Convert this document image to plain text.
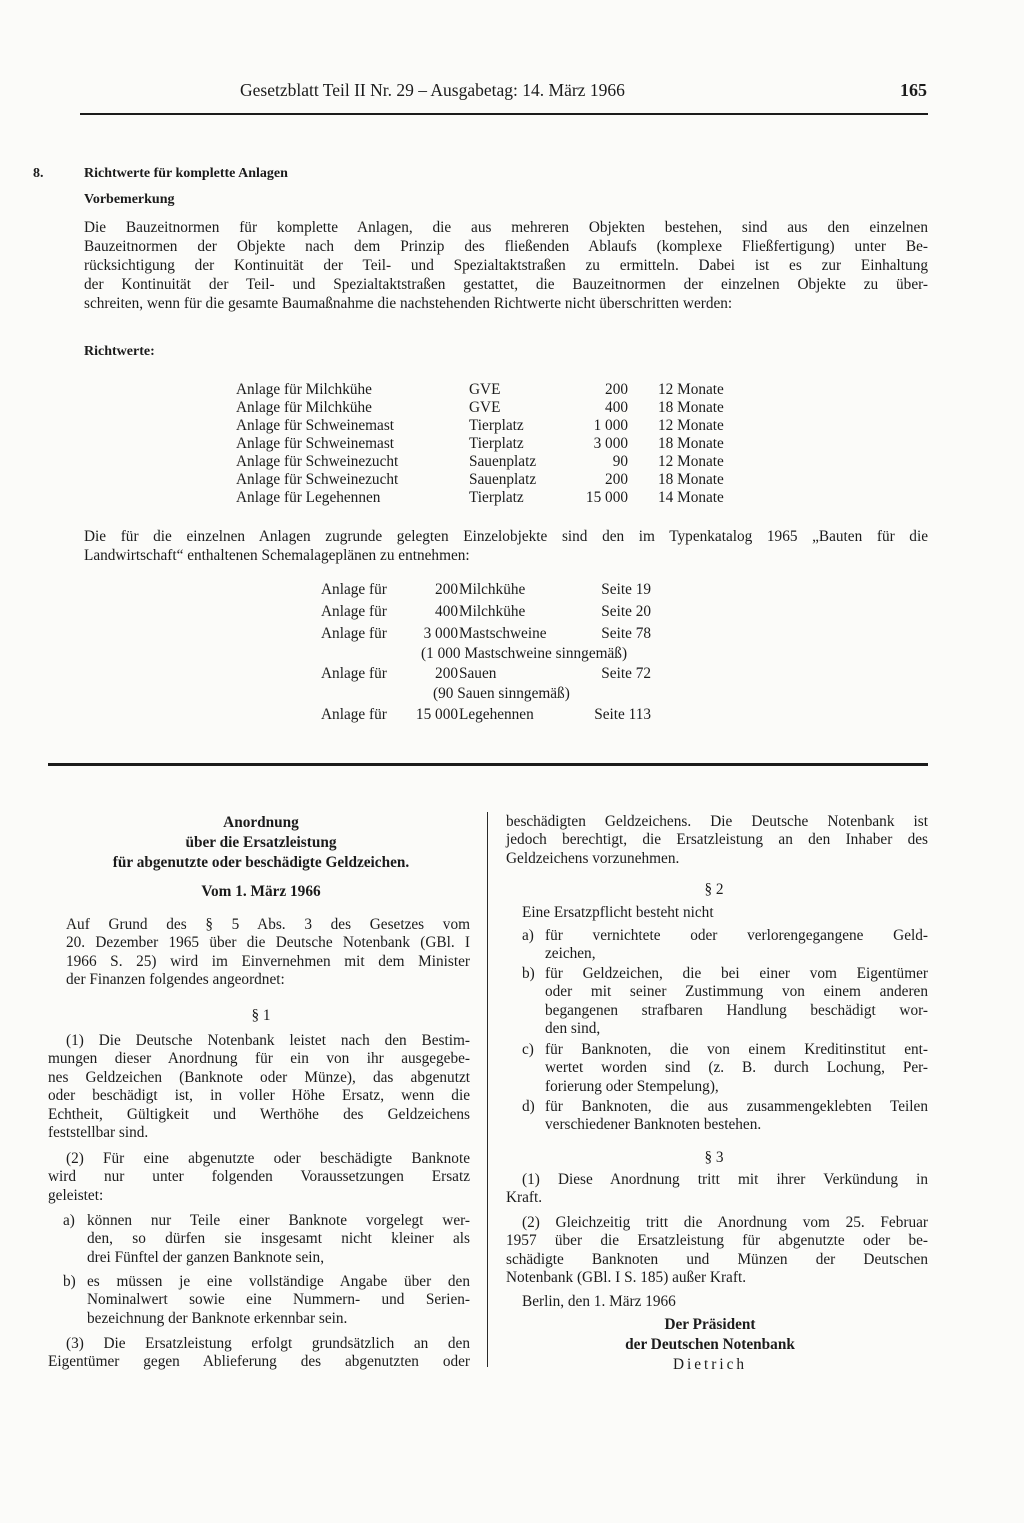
Gesetzblatt Teil II Nr. 29 – Ausgabetag: 14. März 1966	165
8.	Richtwerte für komplette Anlagen
Vorbemerkung
Die Bauzeitnormen für komplette Anlagen, die aus mehreren Objekten bestehen, sind aus den einzelnen
Bauzeitnormen der Objekte nach dem Prinzip des fließenden Ablaufs (komplexe Fließfertigung) unter Be-
rücksichtigung der Kontinuität der Teil- und Spezialtaktstraßen zu ermitteln. Dabei ist es zur Einhaltung
der Kontinuität der Teil- und Spezialtaktstraßen gestattet, die Bauzeitnormen der einzelnen Objekte zu über-
schreiten, wenn für die gesamte Baumaßnahme die nachstehenden Richtwerte nicht überschritten werden:
Richtwerte:
Anlage für Milchkühe	GVE	200 12 Monate
Anlage für Milchkühe	GVE	400 18 Monate
Anlage für Schweinemast	Tierplatz	1 000 12 Monate
Anlage für Schweinemast	Tierplatz	3 000 18 Monate
Anlage für Schweinezucht	Sauenplatz	90 12 Monate
Anlage für Schweinezucht	Sauenplatz	200 18 Monate
Anlage für Legehennen	Tierplatz	15 000 14 Monate
Die für die einzelnen Anlagen zugrunde gelegten Einzelobjekte sind den im Typenkatalog 1965 „Bauten für die
Landwirtschaft“ enthaltenen Schemalageplänen zu entnehmen:
Anlage für	200 Milchkühe	Seite 19
Anlage für	400 Milchkühe	Seite 20
Anlage für	3 000 Mastschweine	Seite 78
(1 000 Mastschweine sinngemäß)
Anlage für	200 Sauen	Seite 72
(90 Sauen sinngemäß)
Anlage für	15 000 Legehennen	Seite 113
Anordnung
über die Ersatzleistung
für abgenutzte oder beschädigte Geldzeichen.
Vom 1. März 1966
Auf Grund des § 5 Abs. 3 des Gesetzes vom
20. Dezember 1965 über die Deutsche Notenbank (GBl. I
1966 S. 25) wird im Einvernehmen mit dem Minister
der Finanzen folgendes angeordnet:
§ 1
(1) Die Deutsche Notenbank leistet nach den Bestim-
mungen dieser Anordnung für ein von ihr ausgegebe-
nes Geldzeichen (Banknote oder Münze), das abgenutzt
oder beschädigt ist, in voller Höhe Ersatz, wenn die
Echtheit, Gültigkeit und Werthöhe des Geldzeichens
feststellbar sind.
(2) Für eine abgenutzte oder beschädigte Banknote
wird nur unter folgenden Voraussetzungen Ersatz
geleistet:
a) können nur Teile einer Banknote vorgelegt wer-
den, so dürfen sie insgesamt nicht kleiner als
drei Fünftel der ganzen Banknote sein,
b) es müssen je eine vollständige Angabe über den
Nominalwert sowie eine Nummern- und Serien-
bezeichnung der Banknote erkennbar sein.
(3) Die Ersatzleistung erfolgt grundsätzlich an den
Eigentümer gegen Ablieferung des abgenutzten oder
beschädigten Geldzeichens. Die Deutsche Notenbank ist
jedoch berechtigt, die Ersatzleistung an den Inhaber des
Geldzeichens vorzunehmen.
§ 2
Eine Ersatzpflicht besteht nicht
a) für vernichtete oder verlorengegangene Geld-
zeichen,
b) für Geldzeichen, die bei einer vom Eigentümer
oder mit seiner Zustimmung von einem anderen
begangenen strafbaren Handlung beschädigt wor-
den sind,
c) für Banknoten, die von einem Kreditinstitut ent-
wertet worden sind (z. B. durch Lochung, Per-
forierung oder Stempelung),
d) für Banknoten, die aus zusammengeklebten Teilen
verschiedener Banknoten bestehen.
§ 3
(1) Diese Anordnung tritt mit ihrer Verkündung in
Kraft.
(2) Gleichzeitig tritt die Anordnung vom 25. Februar
1957 über die Ersatzleistung für abgenutzte oder be-
schädigte Banknoten und Münzen der Deutschen
Notenbank (GBl. I S. 185) außer Kraft.
Berlin, den 1. März 1966
Der Präsident
der Deutschen Notenbank
Dietrich
